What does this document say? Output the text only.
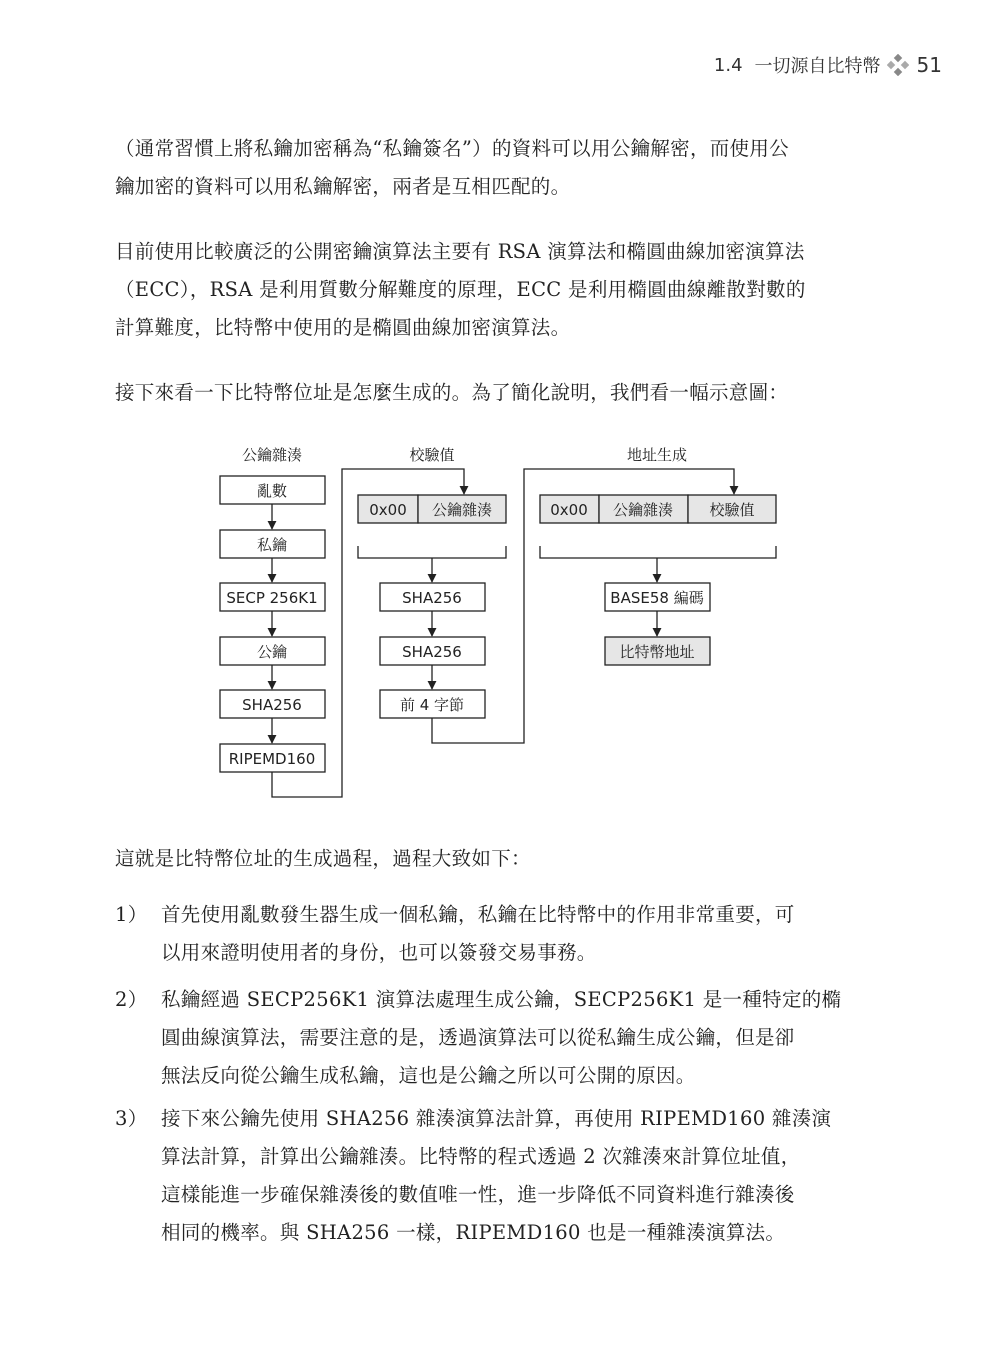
1.4 一切源自比特幣 51

（通常習慣上將私鑰加密稱為“私鑰簽名”）的資料可以用公鑰解密，而使用公
鑰加密的資料可以用私鑰解密，兩者是互相匹配的。

目前使用比較廣泛的公開密鑰演算法主要有 RSA 演算法和橢圓曲線加密演算法
（ECC），RSA 是利用質數分解難度的原理，ECC 是利用橢圓曲線離散對數的
計算難度，比特幣中使用的是橢圓曲線加密演算法。

接下來看一下比特幣位址是怎麼生成的。為了簡化說明，我們看一幅示意圖：

公鑰雜湊	校驗值	地址生成
亂數
私鑰
SECP 256K1
公鑰
SHA256
RIPEMD160
0x00 公鑰雜湊
SHA256
SHA256
前 4 字節
0x00 公鑰雜湊 校驗值
BASE58 編碼
比特幣地址

這就是比特幣位址的生成過程，過程大致如下：

1） 首先使用亂數發生器生成一個私鑰，私鑰在比特幣中的作用非常重要，可
以用來證明使用者的身份，也可以簽發交易事務。
2） 私鑰經過 SECP256K1 演算法處理生成公鑰，SECP256K1 是一種特定的橢
圓曲線演算法，需要注意的是，透過演算法可以從私鑰生成公鑰，但是卻
無法反向從公鑰生成私鑰，這也是公鑰之所以可公開的原因。
3） 接下來公鑰先使用 SHA256 雜湊演算法計算，再使用 RIPEMD160 雜湊演
算法計算，計算出公鑰雜湊。比特幣的程式透過 2 次雜湊來計算位址值，
這樣能進一步確保雜湊後的數值唯一性，進一步降低不同資料進行雜湊後
相同的機率。與 SHA256 一樣，RIPEMD160 也是一種雜湊演算法。
